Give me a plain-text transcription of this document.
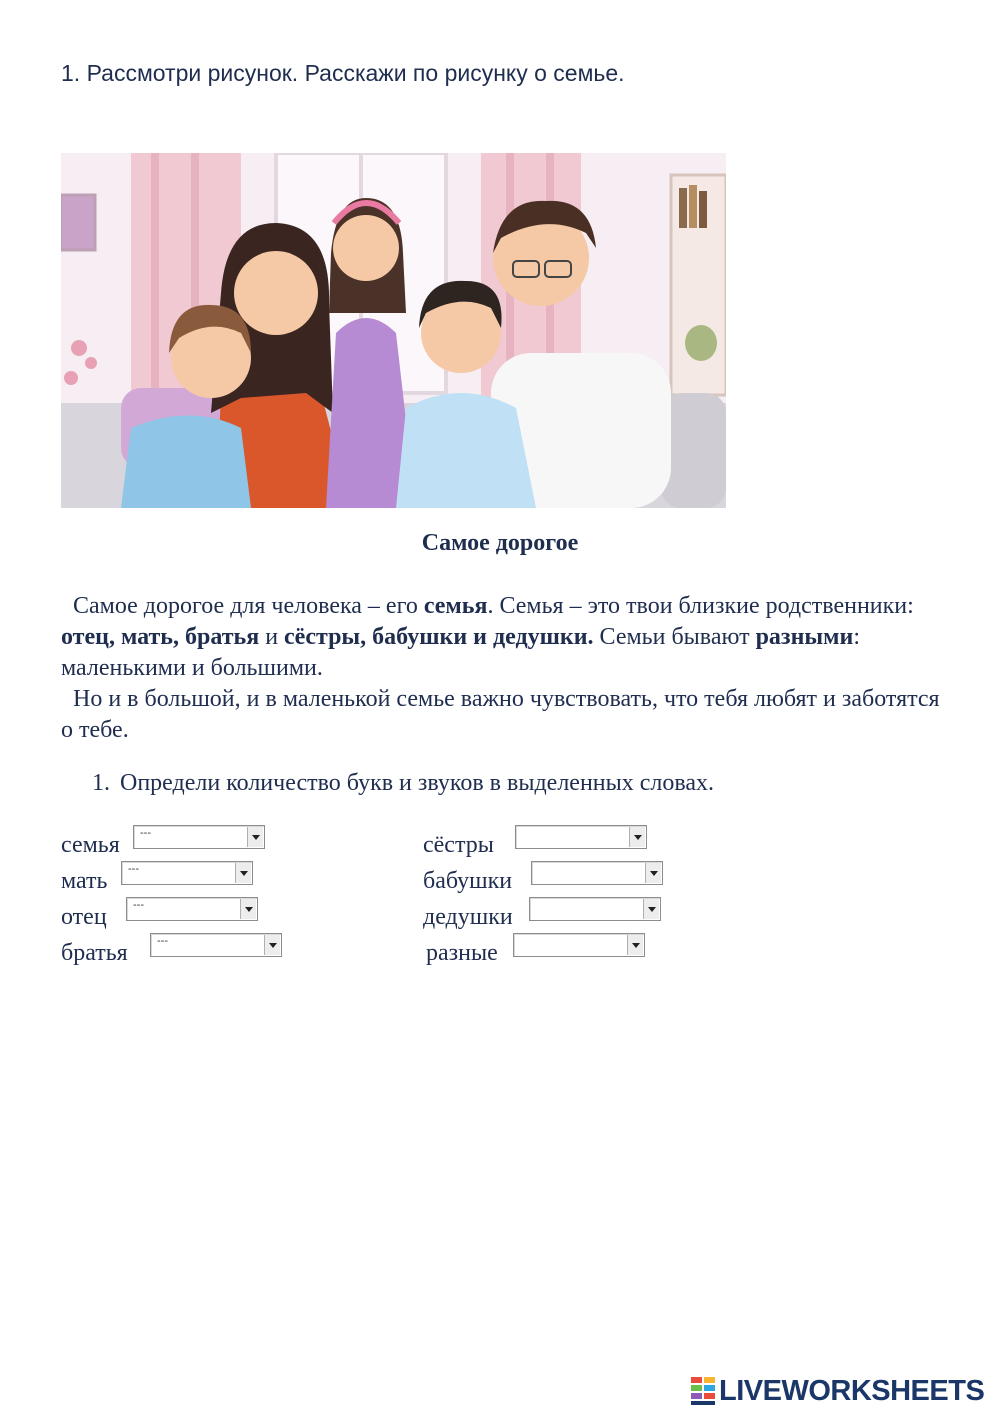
1. Рассмотри рисунок. Расскажи по рисунку о семье.
Самое дорогое

Самое дорогое для человека – его семья. Семья – это твои близкие родственники: отец, мать, братья и сёстры, бабушки и дедушки. Семьи бывают разными: маленькими и большими.

Но и в большой, и в маленькой семье важно чувствовать, что тебя любят и заботятся о тебе.

1. Определи количество букв и звуков в выделенных словах.
семья ---
мать ---
отец ---
братья	---
сёстры
бабушки
дедушки
разные
LIVEWORKSHEETS
